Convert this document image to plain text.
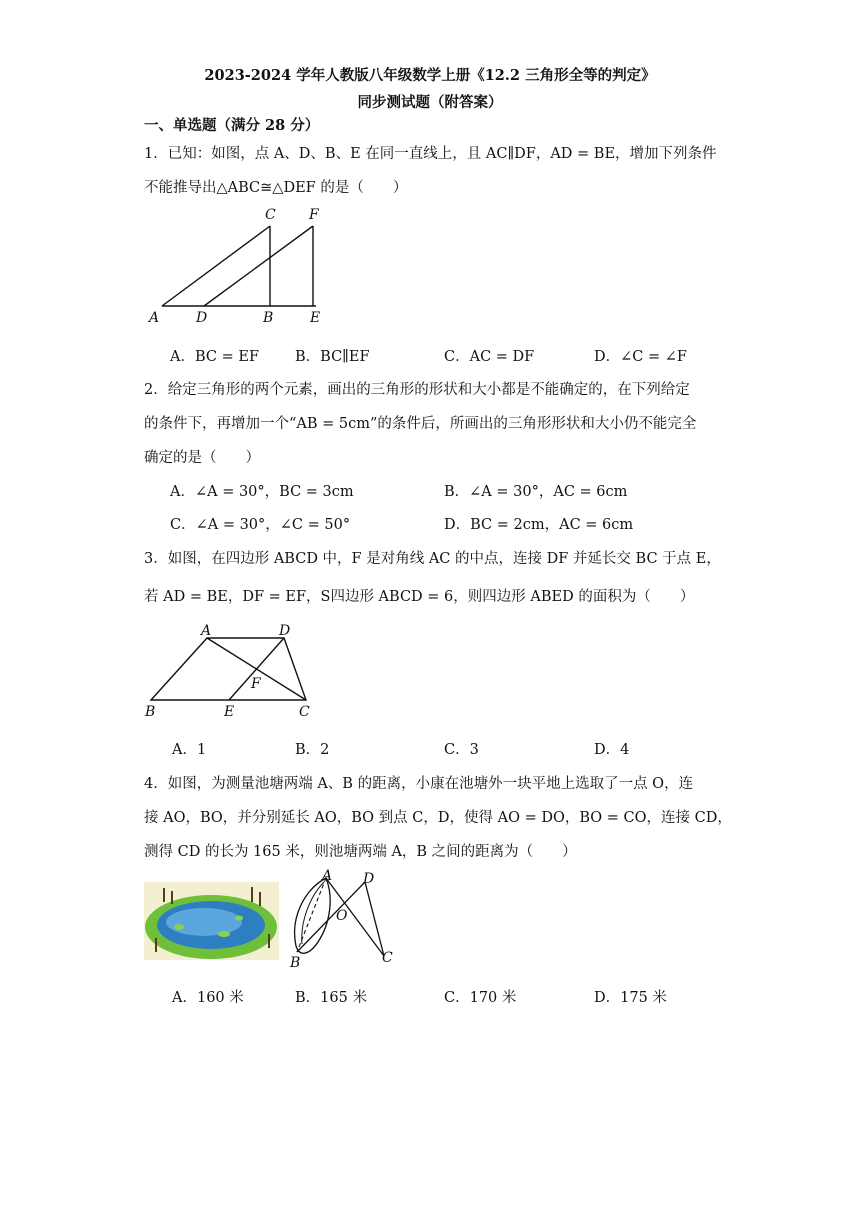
2023-2024 学年人教版八年级数学上册《12.2 三角形全等的判定》
同步测试题（附答案）
一、单选题（满分 28 分）
1．已知：如图，点 A、D、B、E 在同一直线上，且 AC∥DF，AD = BE，增加下列条件
不能推导出△ABC≅△DEF 的是（　　）
A	D	B	E
C F
A．BC = EF B．BC∥EF	C．AC = DF	D．∠C = ∠F
2．给定三角形的两个元素，画出的三角形的形状和大小都是不能确定的，在下列给定
的条件下，再增加一个“AB = 5cm”的条件后，所画出的三角形形状和大小仍不能完全
确定的是（　　）
A．∠A = 30°，BC = 3cm	B．∠A = 30°，AC = 6cm
C．∠A = 30°，∠C = 50°	D．BC = 2cm，AC = 6cm
3．如图，在四边形 ABCD 中，F 是对角线 AC 的中点，连接 DF 并延长交 BC 于点 E，
若 AD = BE，DF = EF，S四边形 ABCD = 6，则四边形 ABED 的面积为（　　）
A	D
F
B	E	C
A．1	B．2	C．3	D．4
4．如图，为测量池塘两端 A、B 的距离，小康在池塘外一块平地上选取了一点 O，连
接 AO，BO，并分别延长 AO，BO 到点 C，D，使得 AO = DO，BO = CO，连接 CD，
测得 CD 的长为 165 米，则池塘两端 A，B 之间的距离为（　　）
A D
O
B	C
A．160 米	B．165 米	C．170 米	D．175 米
